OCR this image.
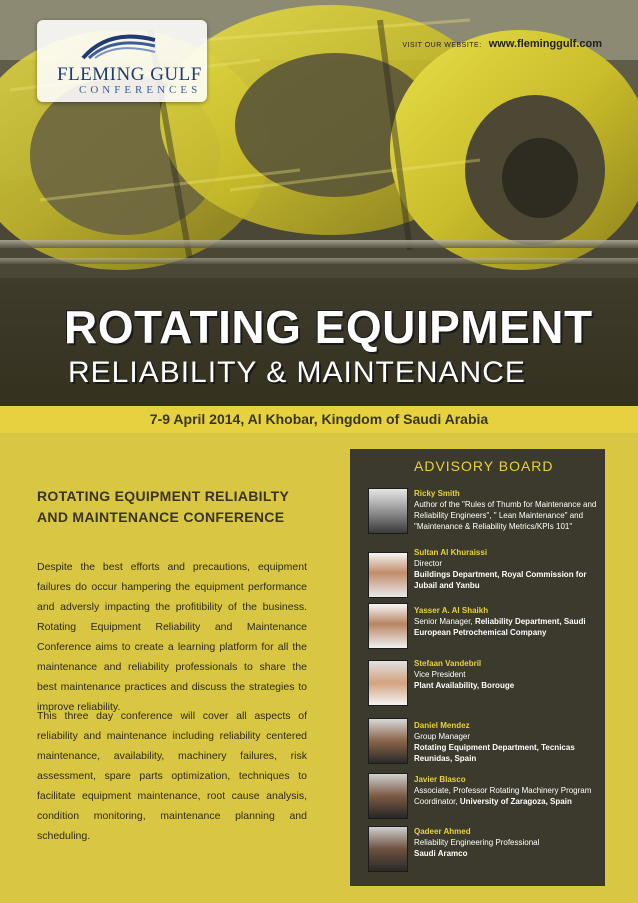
FLEMING GULF
CONFERENCES
VISIT OUR WEBSITE: www.fleminggulf.com
ROTATING EQUIPMENT
RELIABILITY & MAINTENANCE
7-9 April 2014, Al Khobar, Kingdom of Saudi Arabia
ROTATING EQUIPMENT RELIABILTY AND MAINTENANCE CONFERENCE
Despite the best efforts and precautions, equipment failures do occur hampering the equipment performance and adversly impacting the profitibility of the business. Rotating Equipment Reliability and Maintenance Conference aims to create a learning platform for all the maintenance and reliability professionals to share the best maintenance practices and discuss the strategies to improve reliability.
This three day conference will cover all aspects of reliability and maintenance including reliability centered maintenance, availability, machinery failures, risk assessment, spare parts optimization, techniques to facilitate equipment maintenance, root cause analysis, condition monitoring, maintenance planning and scheduling.
ADVISORY BOARD
Ricky Smith
Author of the "Rules of Thumb for Maintenance and Reliability Engineers", " Lean Maintenance" and "Maintenance & Reliability Metrics/KPIs 101"
Sultan Al Khuraissi
Director
Buildings Department, Royal Commission for Jubail and Yanbu
Yasser A. Al Shaikh
Senior Manager, Reliability Department, Saudi European Petrochemical Company
Stefaan Vandebril
Vice President
Plant Availability, Borouge
Daniel Mendez
Group Manager
Rotating Equipment Department, Tecnicas Reunidas, Spain
Javier Blasco
Associate, Professor Rotating Machinery Program Coordinator, University of Zaragoza, Spain
Qadeer Ahmed
Reliability Engineering Professional
Saudi Aramco
